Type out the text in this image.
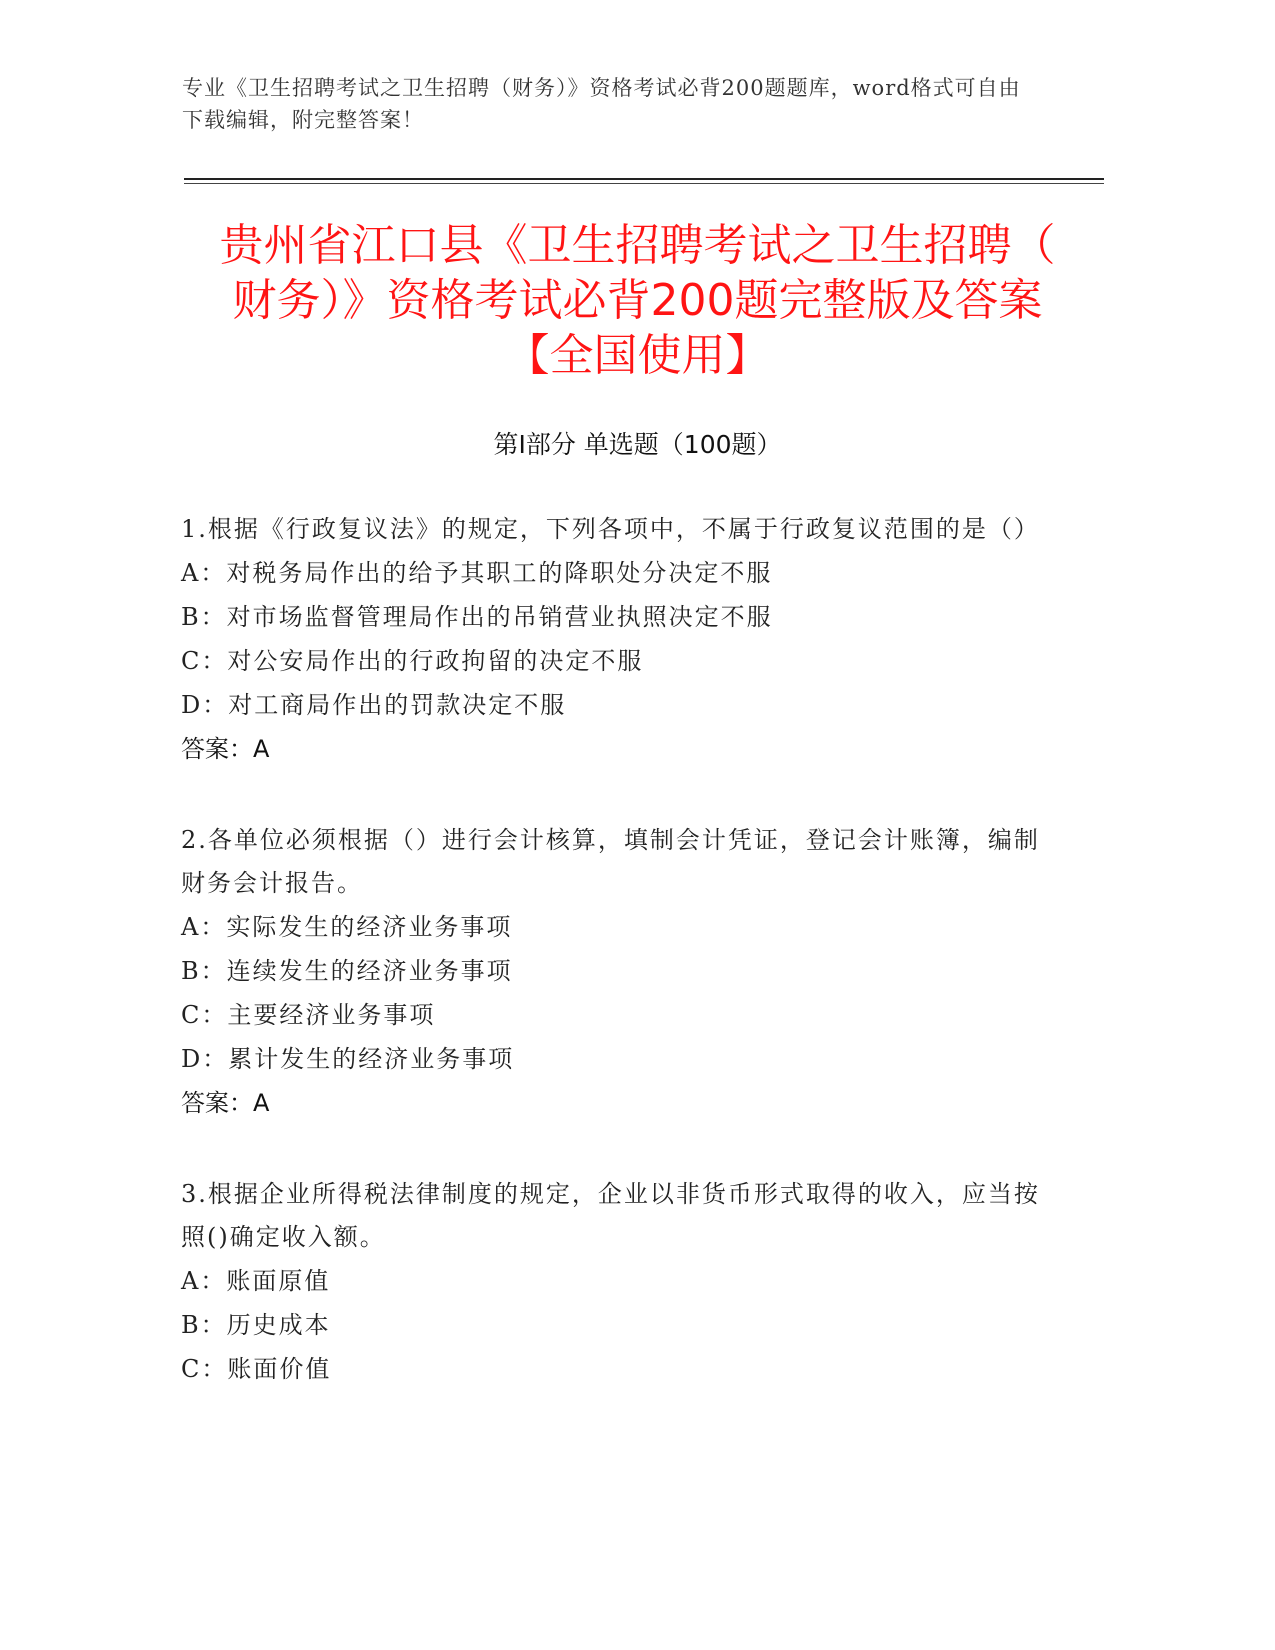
专业《卫生招聘考试之卫生招聘（财务）》资格考试必背200题题库，word格式可自由下载编辑，附完整答案！
贵州省江口县《卫生招聘考试之卫生招聘（
财务）》资格考试必背200题完整版及答案
【全国使用】
第Ⅰ部分 单选题（100题）
1.根据《行政复议法》的规定，下列各项中，不属于行政复议范围的是（）
A：对税务局作出的给予其职工的降职处分决定不服
B：对市场监督管理局作出的吊销营业执照决定不服
C：对公安局作出的行政拘留的决定不服
D：对工商局作出的罚款决定不服
答案：A
2.各单位必须根据（）进行会计核算，填制会计凭证，登记会计账簿，编制财务会计报告。
A：实际发生的经济业务事项
B：连续发生的经济业务事项
C：主要经济业务事项
D：累计发生的经济业务事项
答案：A
3.根据企业所得税法律制度的规定，企业以非货币形式取得的收入，应当按照()确定收入额。
A：账面原值
B：历史成本
C：账面价值
